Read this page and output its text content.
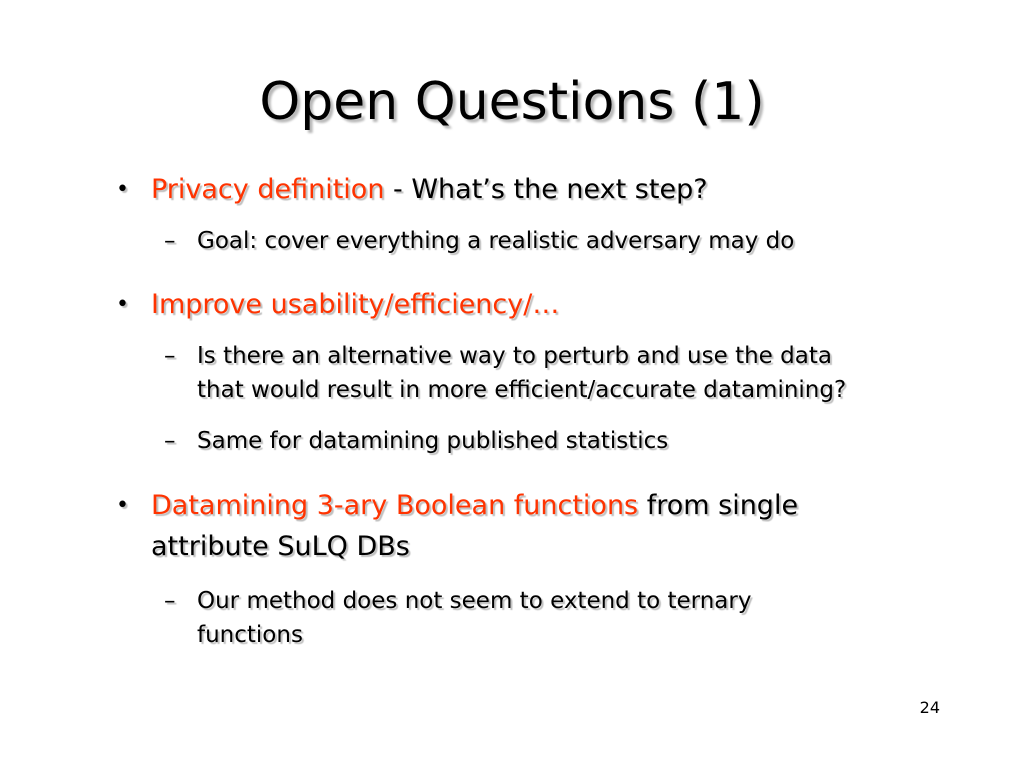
Open Questions (1)
• Privacy definition - What’s the next step?
– Goal: cover everything a realistic adversary may do
• Improve usability/efficiency/…
– Is there an alternative way to perturb and use the data
that would result in more efficient/accurate datamining?
– Same for datamining published statistics
• Datamining 3-ary Boolean functions from single
attribute SuLQ DBs
– Our method does not seem to extend to ternary
functions
24
